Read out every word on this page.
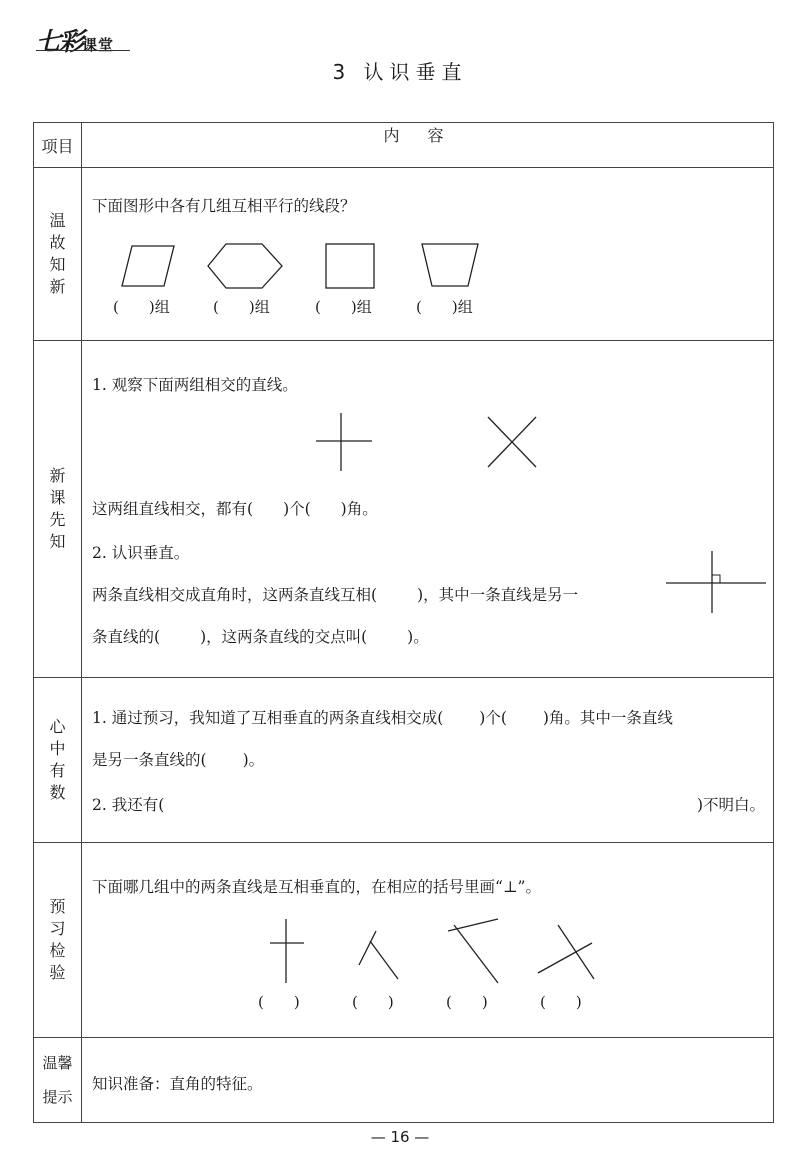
七彩课堂
3 认识垂直
项目	内容
温故知新	下面图形中各有几组互相平行的线段？
( )组 ( )组 ( )组 ( )组

新课先知	1. 观察下面两组相交的直线。
这两组直线相交，都有( )个( )角。
2. 认识垂直。
两条直线相交成直角时，这两条直线互相( )，其中一条直线是另一
条直线的( )，这两条直线的交点叫( )。

心中有数	1. 通过预习，我知道了互相垂直的两条直线相交成( )个( )角。其中一条直线
是另一条直线的( )。
2. 我还有( )不明白。

预习检验	下面哪几组中的两条直线是互相垂直的，在相应的括号里画“⊥”。
( ) ( ) ( ) ( )

温馨
提示	知识准备：直角的特征。
— 16 —
